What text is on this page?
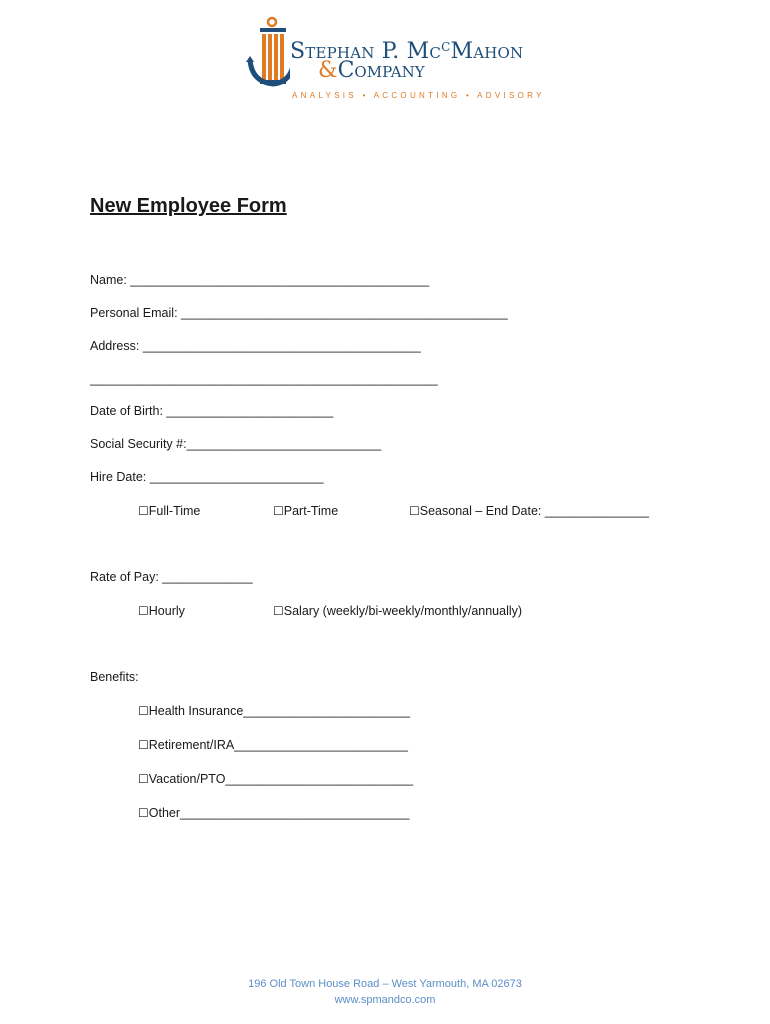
Stephan P. $Mc^CMahon$
&Company
ANALYSIS • ACCOUNTING • ADVISORY
New Employee Form
Name: ___________________________________________
Personal Email: _______________________________________________
Address: ________________________________________
__________________________________________________
Date of Birth: ________________________
Social Security #:____________________________
Hire Date: _________________________
☐ Full-Time	☐ Part-Time	☐ Seasonal – End Date: _______________
Rate of Pay: _____________
☐ Hourly	☐ Salary (weekly/bi-weekly/monthly/annually)
Benefits:
☐ Health Insurance________________________
☐ Retirement/IRA_________________________
☐ Vacation/PTO___________________________
☐ Other_________________________________
196 Old Town House Road – West Yarmouth, MA 02673
www.spmandco.com
